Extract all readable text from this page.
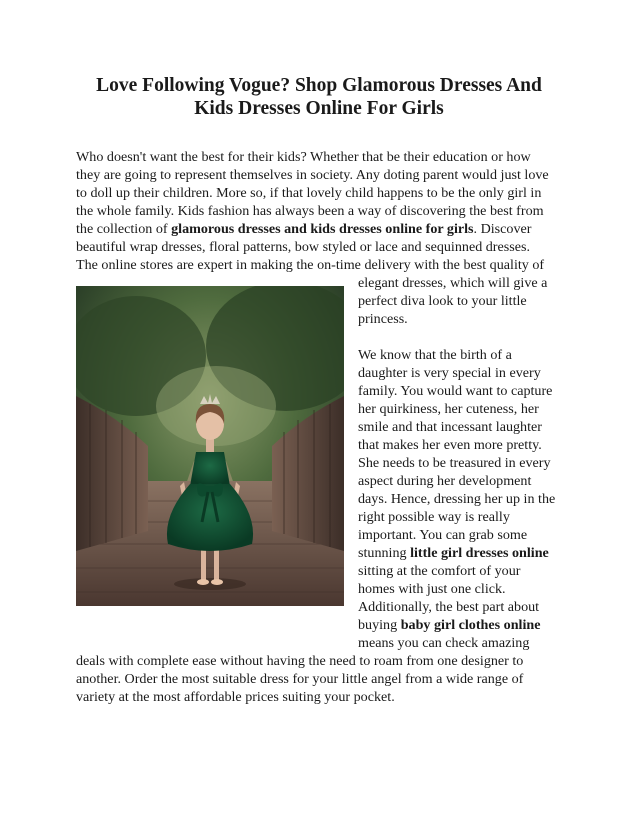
Love Following Vogue? Shop Glamorous Dresses And
Kids Dresses Online For Girls
Who doesn't want the best for their kids? Whether that be their education or how
they are going to represent themselves in society. Any doting parent would just love
to doll up their children. More so, if that lovely child happens to be the only girl in
the whole family. Kids fashion has always been a way of discovering the best from
the collection of glamorous dresses and kids dresses online for girls. Discover
beautiful wrap dresses, floral patterns, bow styled or lace and sequinned dresses.
The online stores are expert in making the on-time delivery with the best quality of
elegant dresses, which will give a
perfect diva look to your little
princess.
We know that the birth of a
daughter is very special in every
family. You would want to capture
her quirkiness, her cuteness, her
smile and that incessant laughter
that makes her even more pretty.
She needs to be treasured in every
aspect during her development
days. Hence, dressing her up in the
right possible way is really
important. You can grab some
stunning little girl dresses online
sitting at the comfort of your
homes with just one click.
Additionally, the best part about
buying baby girl clothes online
means you can check amazing
deals with complete ease without having the need to roam from one designer to
another. Order the most suitable dress for your little angel from a wide range of
variety at the most affordable prices suiting your pocket.
